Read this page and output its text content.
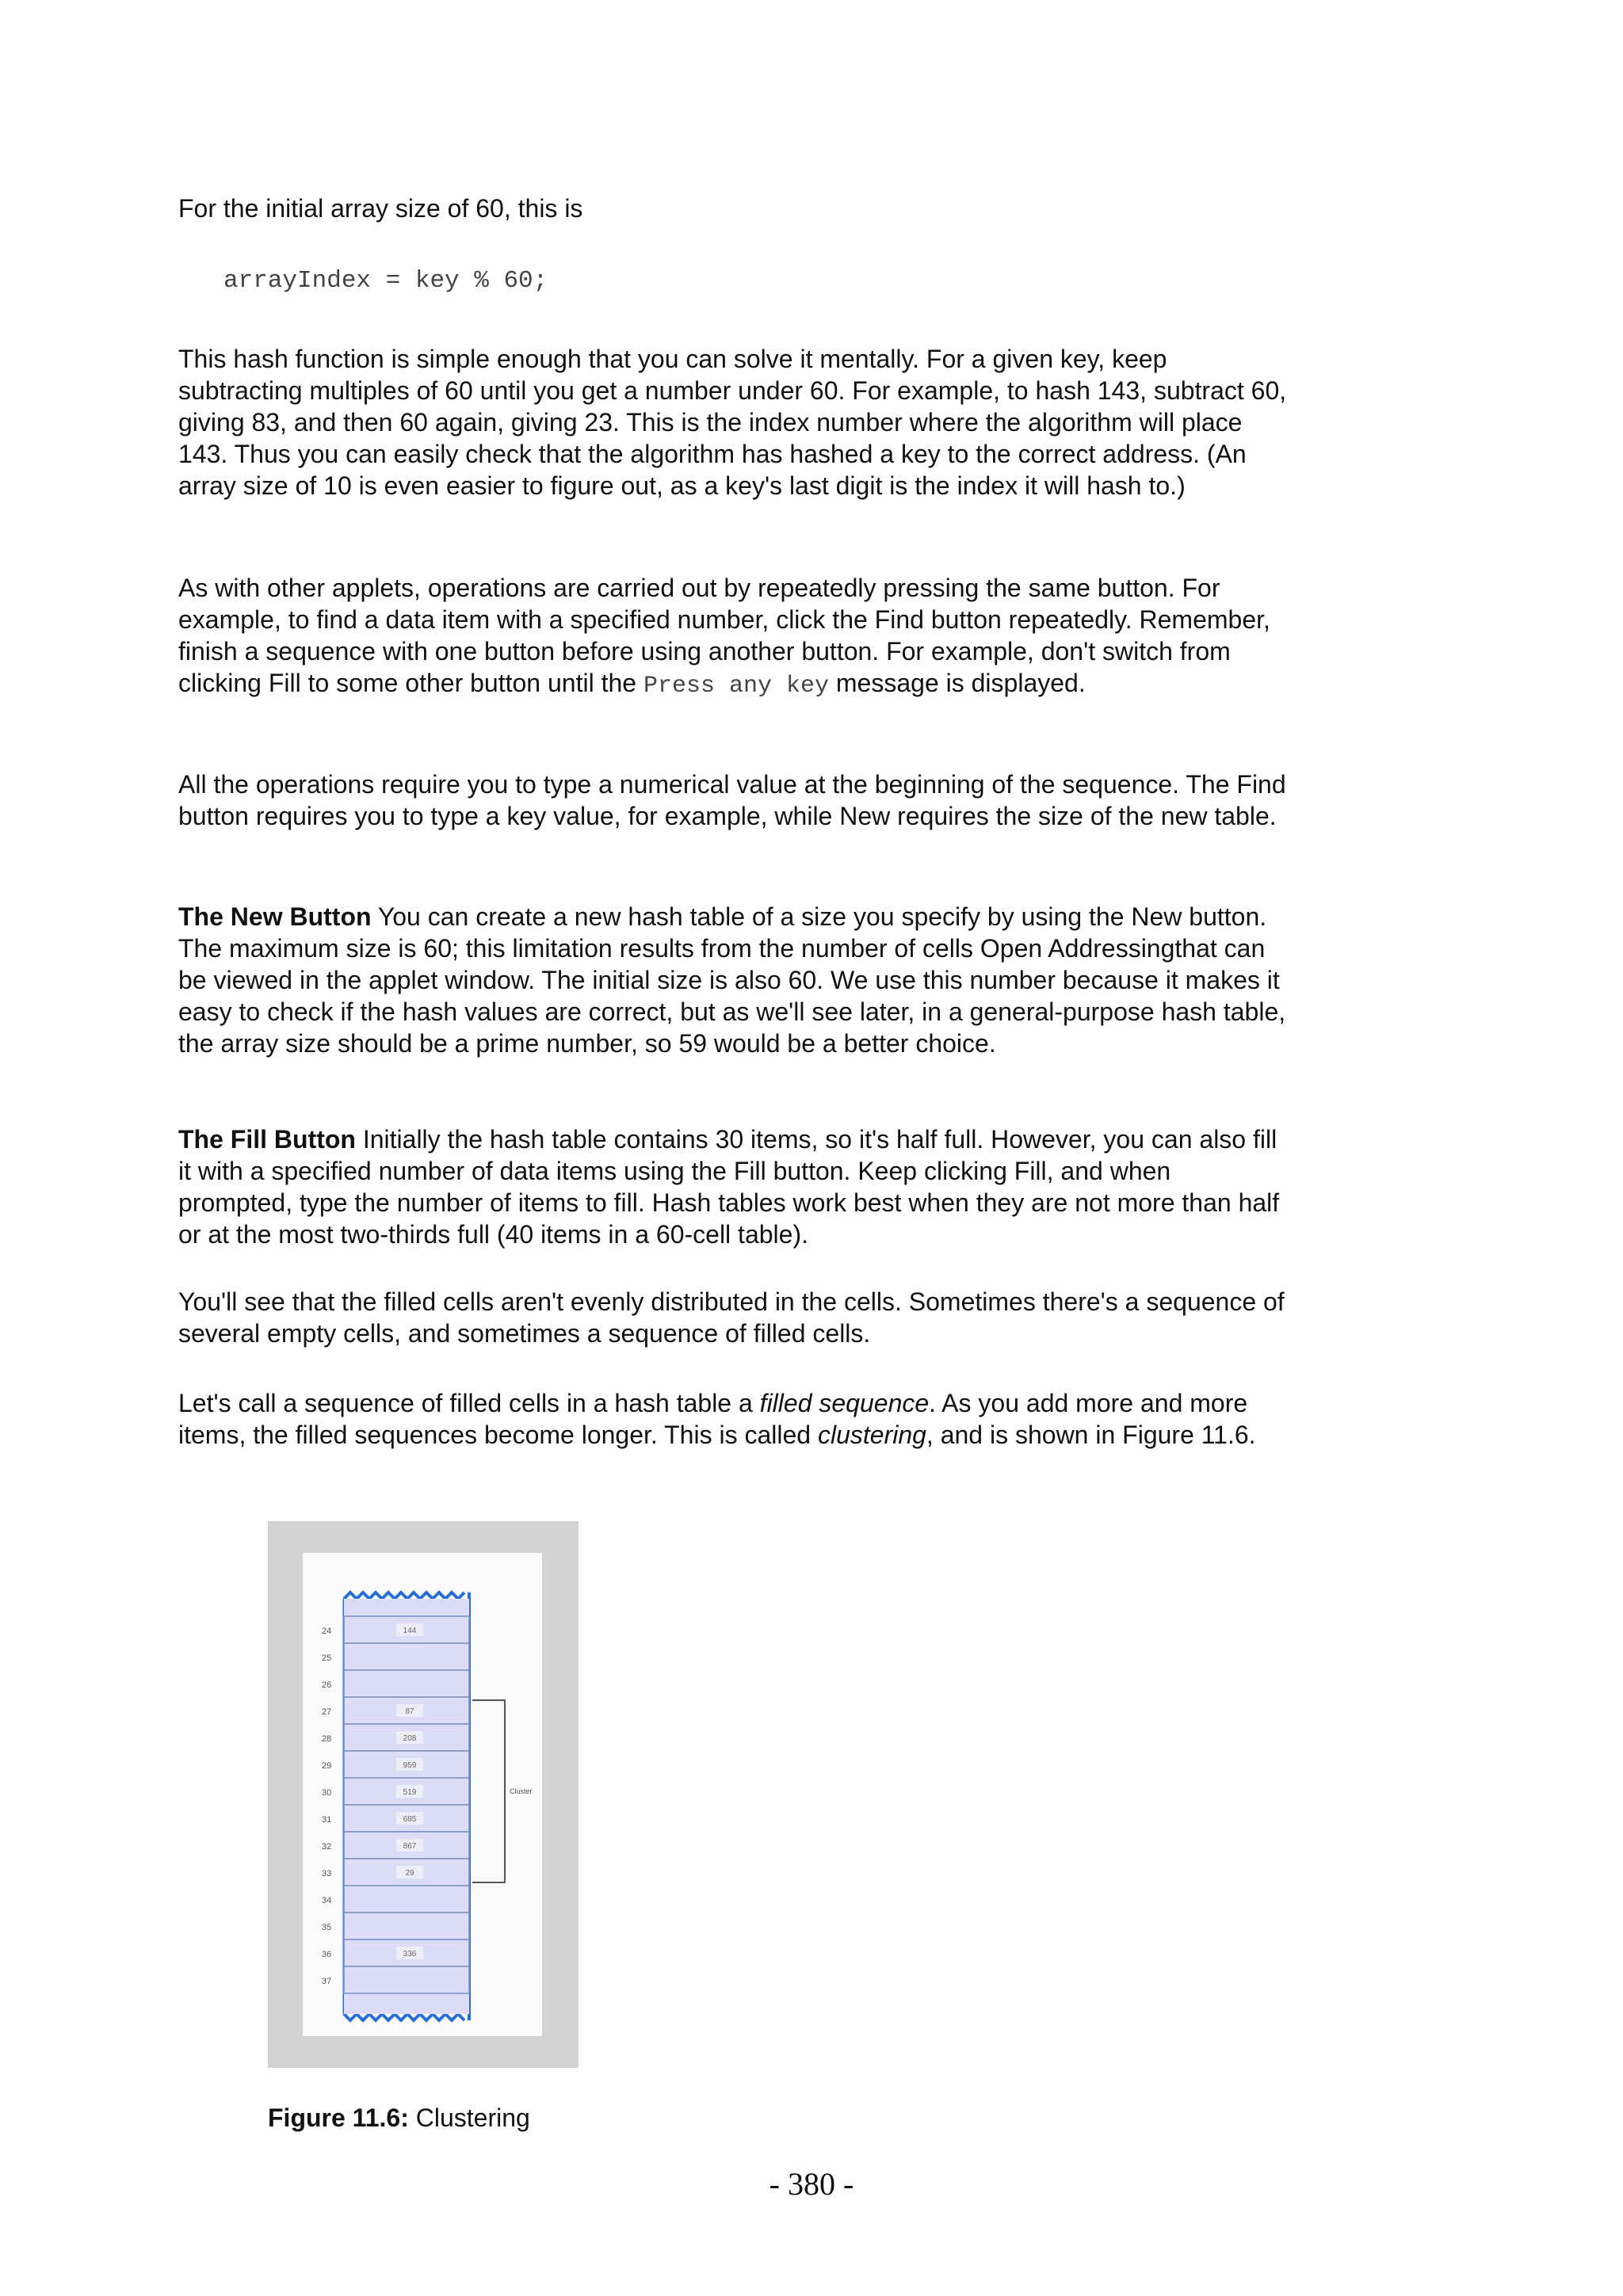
For the initial array size of 60, this is

arrayIndex = key % 60;

This hash function is simple enough that you can solve it mentally. For a given key, keep subtracting multiples of 60 until you get a number under 60. For example, to hash 143, subtract 60, giving 83, and then 60 again, giving 23. This is the index number where the algorithm will place 143. Thus you can easily check that the algorithm has hashed a key to the correct address. (An array size of 10 is even easier to figure out, as a key's last digit is the index it will hash to.)

As with other applets, operations are carried out by repeatedly pressing the same button. For example, to find a data item with a specified number, click the Find button repeatedly. Remember, finish a sequence with one button before using another button. For example, don't switch from clicking Fill to some other button until the Press any key message is displayed.

All the operations require you to type a numerical value at the beginning of the sequence. The Find button requires you to type a key value, for example, while New requires the size of the new table.

The New Button You can create a new hash table of a size you specify by using the New button. The maximum size is 60; this limitation results from the number of cells Open Addressingthat can be viewed in the applet window. The initial size is also 60. We use this number because it makes it easy to check if the hash values are correct, but as we'll see later, in a general-purpose hash table, the array size should be a prime number, so 59 would be a better choice.

The Fill Button Initially the hash table contains 30 items, so it's half full. However, you can also fill it with a specified number of data items using the Fill button. Keep clicking Fill, and when prompted, type the number of items to fill. Hash tables work best when they are not more than half or at the most two-thirds full (40 items in a 60-cell table).

You'll see that the filled cells aren't evenly distributed in the cells. Sometimes there's a sequence of several empty cells, and sometimes a sequence of filled cells.

Let's call a sequence of filled cells in a hash table a filled sequence. As you add more and more items, the filled sequences become longer. This is called clustering, and is shown in Figure 11.6.

24	144
25
26
27	87
28	208
29	959
30	519
31	685
32	867
33	29
34
35
36	336
37
Cluster
Figure 11.6: Clustering
- 380 -
